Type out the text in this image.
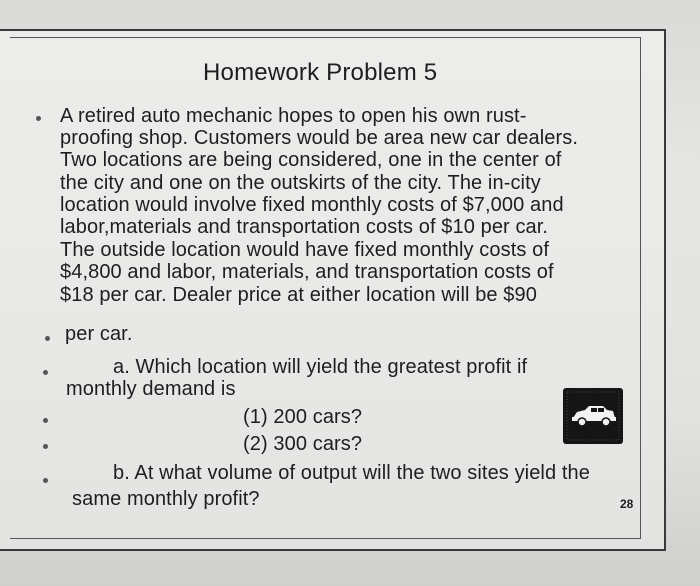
Homework Problem 5
A retired auto mechanic hopes to open his own rust-
proofing shop. Customers would be area new car dealers.
Two locations are being considered, one in the center of
the city and one on the outskirts of the city. The in-city
location would involve fixed monthly costs of $7,000 and
labor,materials and transportation costs of $10 per car.
The outside location would have fixed monthly costs of
$4,800 and labor, materials, and transportation costs of
$18 per car. Dealer price at either location will be $90
per car.
a. Which location will yield the greatest profit if
monthly demand is
(1) 200 cars?
(2) 300 cars?
b. At what volume of output will the two sites yield the
same monthly profit?	28
